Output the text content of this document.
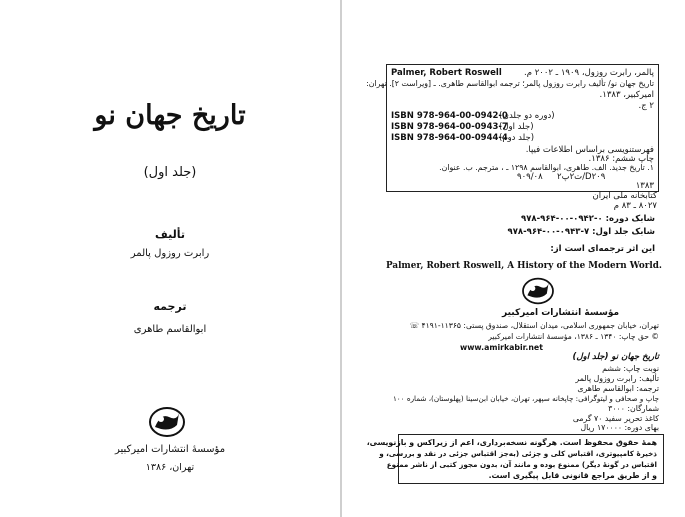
تاریخ جهان نو
(جلد اول)
تألیف
رابرت روزول پالمر
ترجمه
ابوالقاسم طاهری
مؤسسهٔ انتشارات امیرکبیر
تهران، ۱۳۸۶
Palmer, Robert Roswell	پالمر، رابرت روزول، ۱۹۰۹ ـ ۲۰۰۲ م.
تاریخ جهان نو/ تألیف رابرت روزول پالمر؛ ترجمه ابوالقاسم طاهری. ـ [ویراست ۲]. تهران:
امیرکبیر، ۱۳۸۳.
۲ ج.
ISBN 978-964-00-0942-0
(دوره دو جلدی)
ISBN 978-964-00-0943-7
(جلد اول)
ISBN 978-964-00-0944-4
(جلد دوم)
فهرستنویسی براساس اطلاعات فیپا.
چاپ ششم: ۱۳۸۶.
۱. تاریخ جدید. الف. طاهری، ابوالقاسم ۱۲۹۸ ـ ، مترجم. ب. عنوان.
۲ت۲پ/D۲۰۹
۹۰۹/۰۸
۱۳۸۳
کتابخانه ملی ایران
۸۰۲۷ ـ ۸۳ م
شابک دوره: ۰-۰۹۴۲-۰۰-۹۶۴-۹۷۸
شابک جلد اول: ۷-۰۹۴۳-۰۰-۹۶۴-۹۷۸
این اثر ترجمه‌ای است از:
Palmer, Robert Roswell, A History of the Modern World.
مؤسسهٔ انتشارات امیرکبیر
تهران، خیابان جمهوری اسلامی، میدان استقلال، صندوق پستی: ۱۱۳۶۵-۴۱۹۱ ☏
© حق چاپ: ۱۳۴۰ ـ ۱۳۸۶، مؤسسهٔ انتشارات امیرکبیر
www.amirkabir.net
تاریخ جهان نو (جلد اول)
نوبت چاپ: ششم
تألیف: رابرت روزول پالمر
ترجمه: ابوالقاسم طاهری
چاپ و صحافی و لیتوگرافی: چاپخانه سپهر، تهران، خیابان ابن‌سینا (پهلوستان)، شماره ۱۰۰
شمارگان: ۳۰۰۰
کاغذ تحریر سفید ۷۰ گرمی
بهای دوره: ۱۷۰۰۰۰ ریال
همهٔ حقوق محفوظ است. هرگونه نسخه‌برداری، اعم از زیراکس و بازنویسی،
ذخیرهٔ کامپیوتری، اقتباس کلی و جزئی (به‌جز اقتباس جزئی در نقد و بررسی، و
اقتباس در گونهٔ دیگر) ممنوع بوده و مانند آن، بدون مجوز کتبی از ناشر ممنوع
و از طریق مراجع قانونی قابل پیگیری است.
